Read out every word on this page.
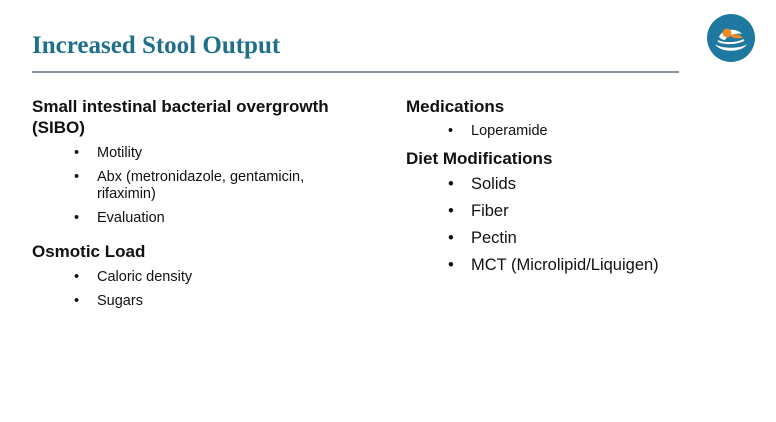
Increased Stool Output

Small intestinal bacterial overgrowth (SIBO)

• Motility
• Abx (metronidazole, gentamicin, rifaximin)
• Evaluation

Osmotic Load

• Caloric density
• Sugars

Medications

• Loperamide

Diet Modifications

• Solids
• Fiber
• Pectin
• MCT (Microlipid/Liquigen)
